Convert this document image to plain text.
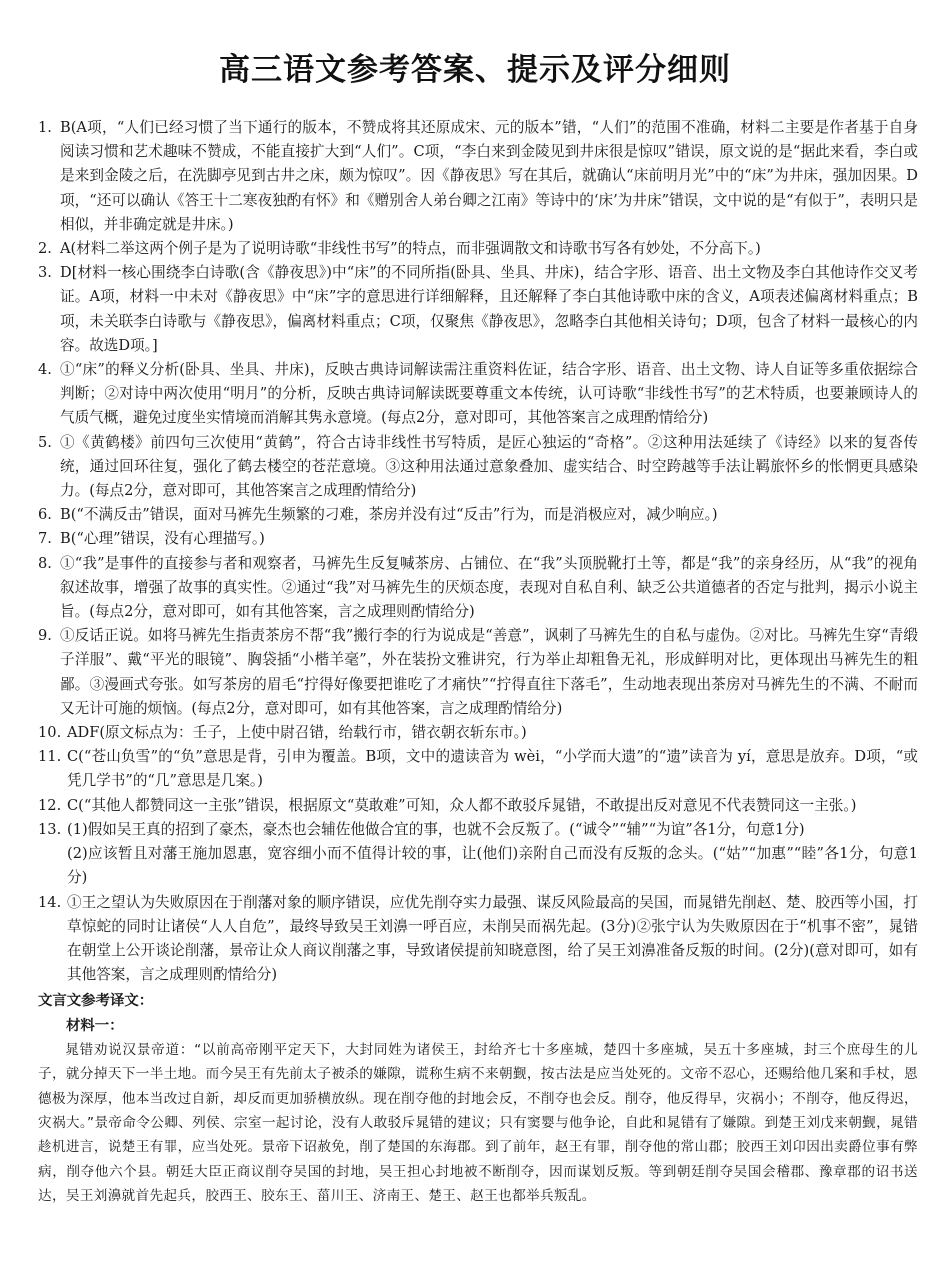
高三语文参考答案、提示及评分细则
1. B(A项，“人们已经习惯了当下通行的版本，不赞成将其还原成宋、元的版本”错，“人们”的范围不准确，材料二主要是作者基于自身阅读习惯和艺术趣味不赞成，不能直接扩大到“人们”。C项，“李白来到金陵见到井床很是惊叹”错误，原文说的是“据此来看，李白或是来到金陵之后，在洗脚亭见到古井之床，颇为惊叹”。因《静夜思》写在其后，就确认“床前明月光”中的“床”为井床，强加因果。D项，“还可以确认《答王十二寒夜独酌有怀》和《赠别舍人弟台卿之江南》等诗中的‘床’为井床”错误，文中说的是“有似于”，表明只是相似，并非确定就是井床。)
2. A(材料二举这两个例子是为了说明诗歌“非线性书写”的特点，而非强调散文和诗歌书写各有妙处，不分高下。)
3. D[材料一核心围绕李白诗歌(含《静夜思》)中“床”的不同所指(卧具、坐具、井床)，结合字形、语音、出土文物及李白其他诗作交叉考证。A项，材料一中未对《静夜思》中“床”字的意思进行详细解释，且还解释了李白其他诗歌中床的含义，A项表述偏离材料重点；B项，未关联李白诗歌与《静夜思》，偏离材料重点；C项，仅聚焦《静夜思》，忽略李白其他相关诗句；D项，包含了材料一最核心的内容。故选D项。]
4. ①“床”的释义分析(卧具、坐具、井床)，反映古典诗词解读需注重资料佐证，结合字形、语音、出土文物、诗人自证等多重依据综合判断；②对诗中两次使用“明月”的分析，反映古典诗词解读既要尊重文本传统，认可诗歌“非线性书写”的艺术特质，也要兼顾诗人的气质气概，避免过度坐实情境而消解其隽永意境。(每点2分，意对即可，其他答案言之成理酌情给分)
5. ①《黄鹤楼》前四句三次使用“黄鹤”，符合古诗非线性书写特质，是匠心独运的“奇格”。②这种用法延续了《诗经》以来的复沓传统，通过回环往复，强化了鹤去楼空的苍茫意境。③这种用法通过意象叠加、虚实结合、时空跨越等手法让羁旅怀乡的怅惘更具感染力。(每点2分，意对即可，其他答案言之成理酌情给分)
6. B(“不满反击”错误，面对马裤先生频繁的刁难，茶房并没有过“反击”行为，而是消极应对，减少响应。)
7. B(“心理”错误，没有心理描写。)
8. ①“我”是事件的直接参与者和观察者，马裤先生反复喊茶房、占铺位、在“我”头顶脱靴打土等，都是“我”的亲身经历，从“我”的视角叙述故事，增强了故事的真实性。②通过“我”对马裤先生的厌烦态度，表现对自私自利、缺乏公共道德者的否定与批判，揭示小说主旨。(每点2分，意对即可，如有其他答案，言之成理则酌情给分)
9. ①反话正说。如将马裤先生指责茶房不帮“我”搬行李的行为说成是“善意”，讽刺了马裤先生的自私与虚伪。②对比。马裤先生穿“青缎子洋服”、戴“平光的眼镜”、胸袋插“小楷羊毫”，外在装扮文雅讲究，行为举止却粗鲁无礼，形成鲜明对比，更体现出马裤先生的粗鄙。③漫画式夸张。如写茶房的眉毛“拧得好像要把谁吃了才痛快”“拧得直往下落毛”，生动地表现出茶房对马裤先生的不满、不耐而又无计可施的烦恼。(每点2分，意对即可，如有其他答案，言之成理酌情给分)
10. ADF(原文标点为：壬子，上使中尉召错，绐载行市，错衣朝衣斩东市。)
11. C(“苍山负雪”的“负”意思是背，引申为覆盖。B项，文中的遗读音为 wèi，“小学而大遗”的“遗”读音为 yí，意思是放弃。D项，“或凭几学书”的“几”意思是几案。)
12. C(“其他人都赞同这一主张”错误，根据原文“莫敢难”可知，众人都不敢驳斥晁错，不敢提出反对意见不代表赞同这一主张。)
13. (1)假如吴王真的招到了豪杰，豪杰也会辅佐他做合宜的事，也就不会反叛了。(“诚令”“辅”“为谊”各1分，句意1分)
(2)应该暂且对藩王施加恩惠，宽容细小而不值得计较的事，让(他们)亲附自己而没有反叛的念头。(“姑”“加惠”“睦”各1分，句意1分)
14. ①王之望认为失败原因在于削藩对象的顺序错误，应优先削夺实力最强、谋反风险最高的吴国，而晁错先削赵、楚、胶西等小国，打草惊蛇的同时让诸侯“人人自危”，最终导致吴王刘濞一呼百应，未削吴而祸先起。(3分)②张宁认为失败原因在于“机事不密”，晁错在朝堂上公开谈论削藩，景帝让众人商议削藩之事，导致诸侯提前知晓意图，给了吴王刘濞准备反叛的时间。(2分)(意对即可，如有其他答案，言之成理则酌情给分)
文言文参考译文：
材料一：
晁错劝说汉景帝道：“以前高帝刚平定天下，大封同姓为诸侯王，封给齐七十多座城，楚四十多座城，吴五十多座城，封三个庶母生的儿子，就分掉天下一半土地。而今吴王有先前太子被杀的嫌隙，谎称生病不来朝觐，按古法是应当处死的。文帝不忍心，还赐给他几案和手杖，恩德极为深厚，他本当改过自新，却反而更加骄横放纵。现在削夺他的封地会反，不削夺也会反。削夺，他反得早，灾祸小；不削夺，他反得迟，灾祸大。”景帝命令公卿、列侯、宗室一起讨论，没有人敢驳斥晁错的建议；只有窦婴与他争论，自此和晁错有了嫌隙。到楚王刘戊来朝觐，晁错趁机进言，说楚王有罪，应当处死。景帝下诏赦免，削了楚国的东海郡。到了前年，赵王有罪，削夺他的常山郡；胶西王刘卬因出卖爵位事有弊病，削夺他六个县。朝廷大臣正商议削夺吴国的封地，吴王担心封地被不断削夺，因而谋划反叛。等到朝廷削夺吴国会稽郡、豫章郡的诏书送达，吴王刘濞就首先起兵，胶西王、胶东王、菑川王、济南王、楚王、赵王也都举兵叛乱。
